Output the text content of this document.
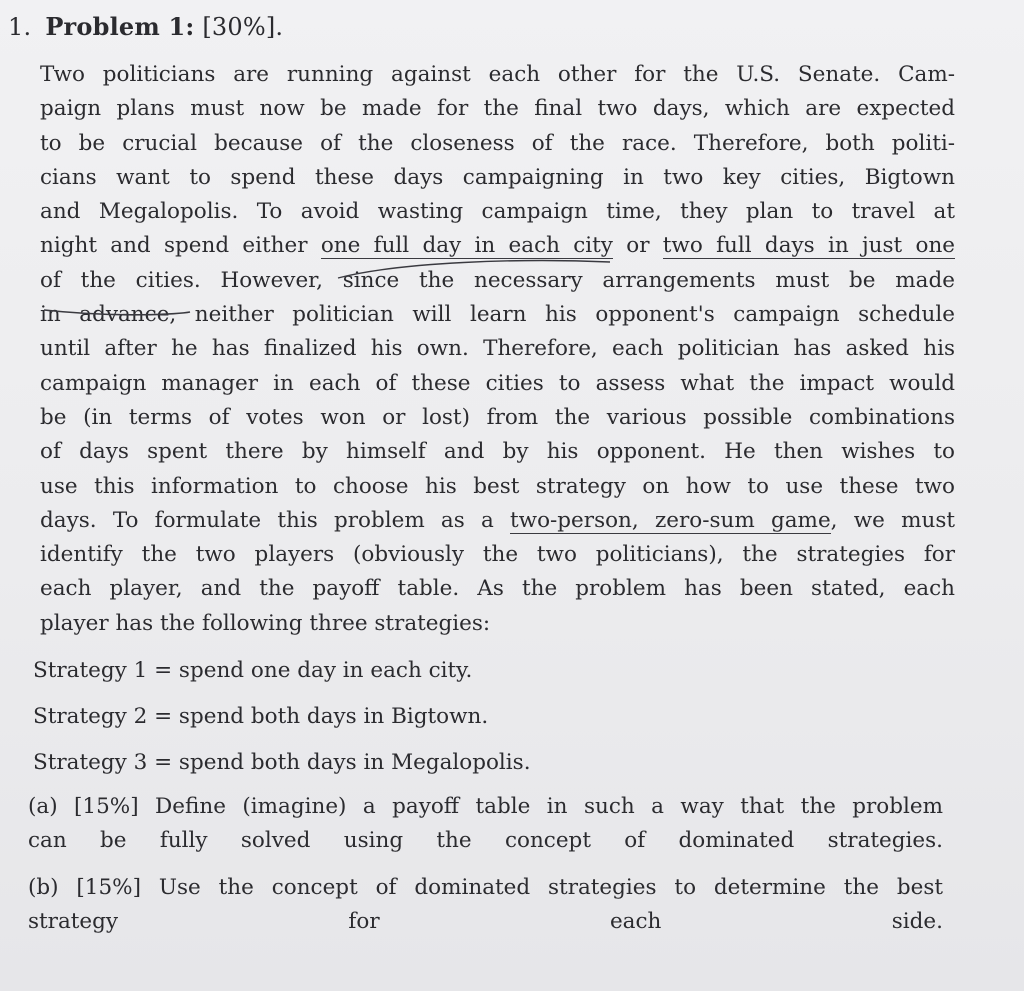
1. Problem 1: [30%].
Two politicians are running against each other for the U.S. Senate. Cam-
paign plans must now be made for the final two days, which are expected
to be crucial because of the closeness of the race. Therefore, both politi-
cians want to spend these days campaigning in two key cities, Bigtown
and Megalopolis. To avoid wasting campaign time, they plan to travel at
night and spend either one full day in each city or two full days in just one
of the cities. However, since the necessary arrangements must be made
in advance, neither politician will learn his opponent's campaign schedule
until after he has finalized his own. Therefore, each politician has asked his
campaign manager in each of these cities to assess what the impact would
be (in terms of votes won or lost) from the various possible combinations
of days spent there by himself and by his opponent. He then wishes to
use this information to choose his best strategy on how to use these two
days. To formulate this problem as a two-person, zero-sum game, we must
identify the two players (obviously the two politicians), the strategies for
each player, and the payoff table. As the problem has been stated, each
player has the following three strategies:
Strategy 1 = spend one day in each city.
Strategy 2 = spend both days in Bigtown.
Strategy 3 = spend both days in Megalopolis.
(a) [15%] Define (imagine) a payoff table in such a way that the problem
can be fully solved using the concept of dominated strategies.
(b) [15%] Use the concept of dominated strategies to determine the best
strategy for each side.
